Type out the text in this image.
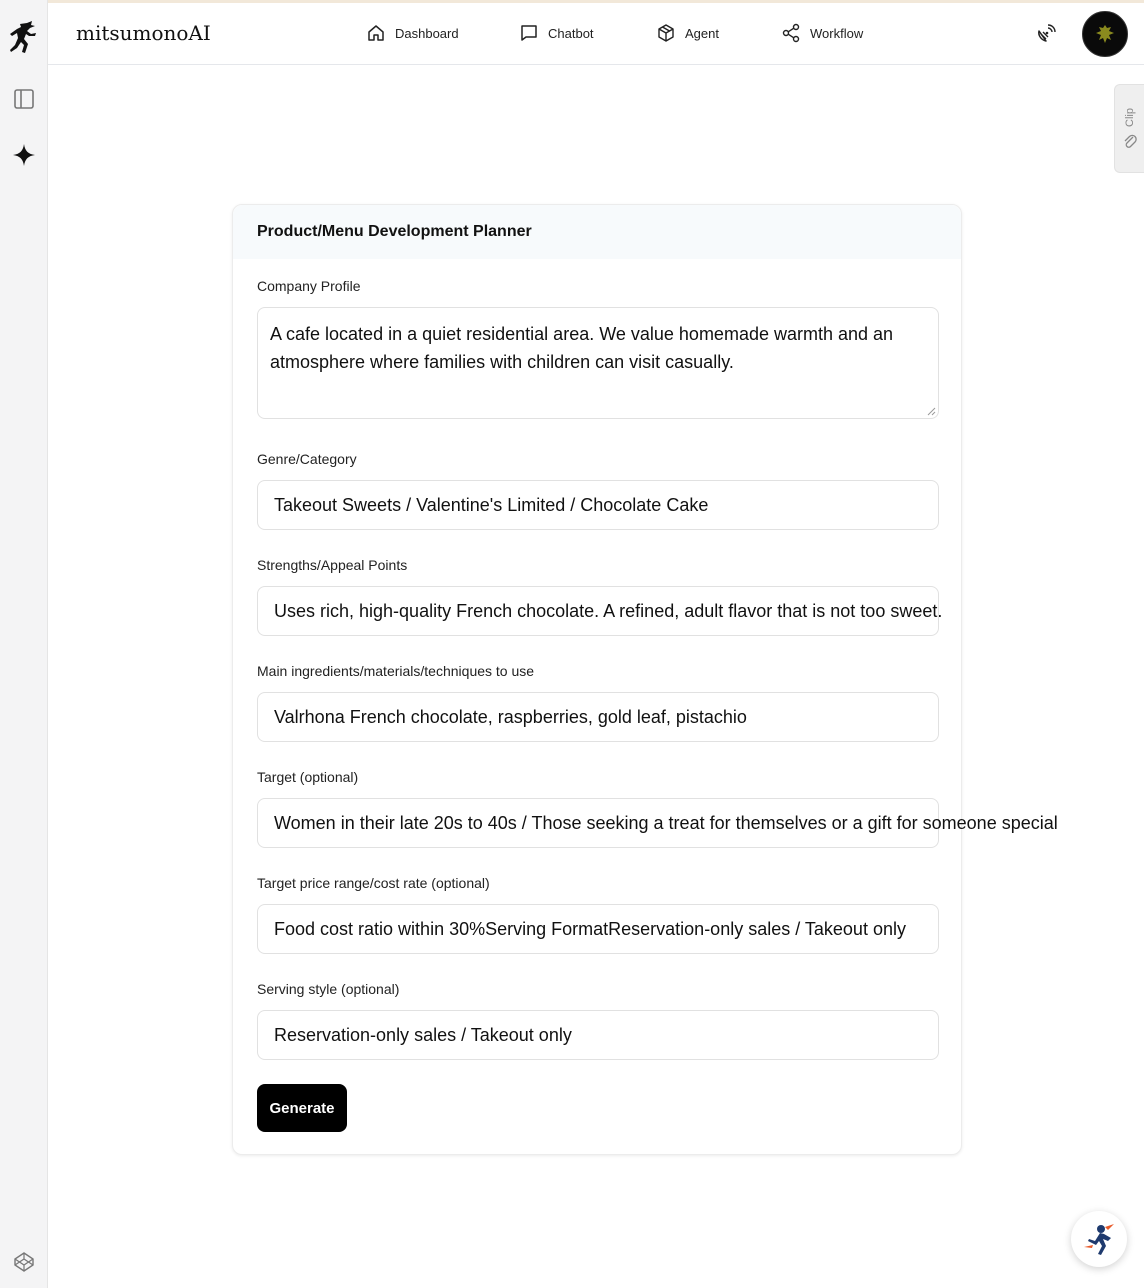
mitsumonoAI	Dashboard	Chatbot	Agent	Workflow
Clip
Product/Menu Development Planner
Company Profile
A cafe located in a quiet residential area. We value homemade warmth and an atmosphere where families with children can visit casually.
Genre/Category
Takeout Sweets / Valentine's Limited / Chocolate Cake
Strengths/Appeal Points
Uses rich, high-quality French chocolate. A refined, adult flavor that is not too sweet.
Main ingredients/materials/techniques to use
Valrhona French chocolate, raspberries, gold leaf, pistachio
Target (optional)
Women in their late 20s to 40s / Those seeking a treat for themselves or a gift for someone special
Target price range/cost rate (optional)
Food cost ratio within 30%Serving FormatReservation-only sales / Takeout only
Serving style (optional)
Reservation-only sales / Takeout only
Generate
